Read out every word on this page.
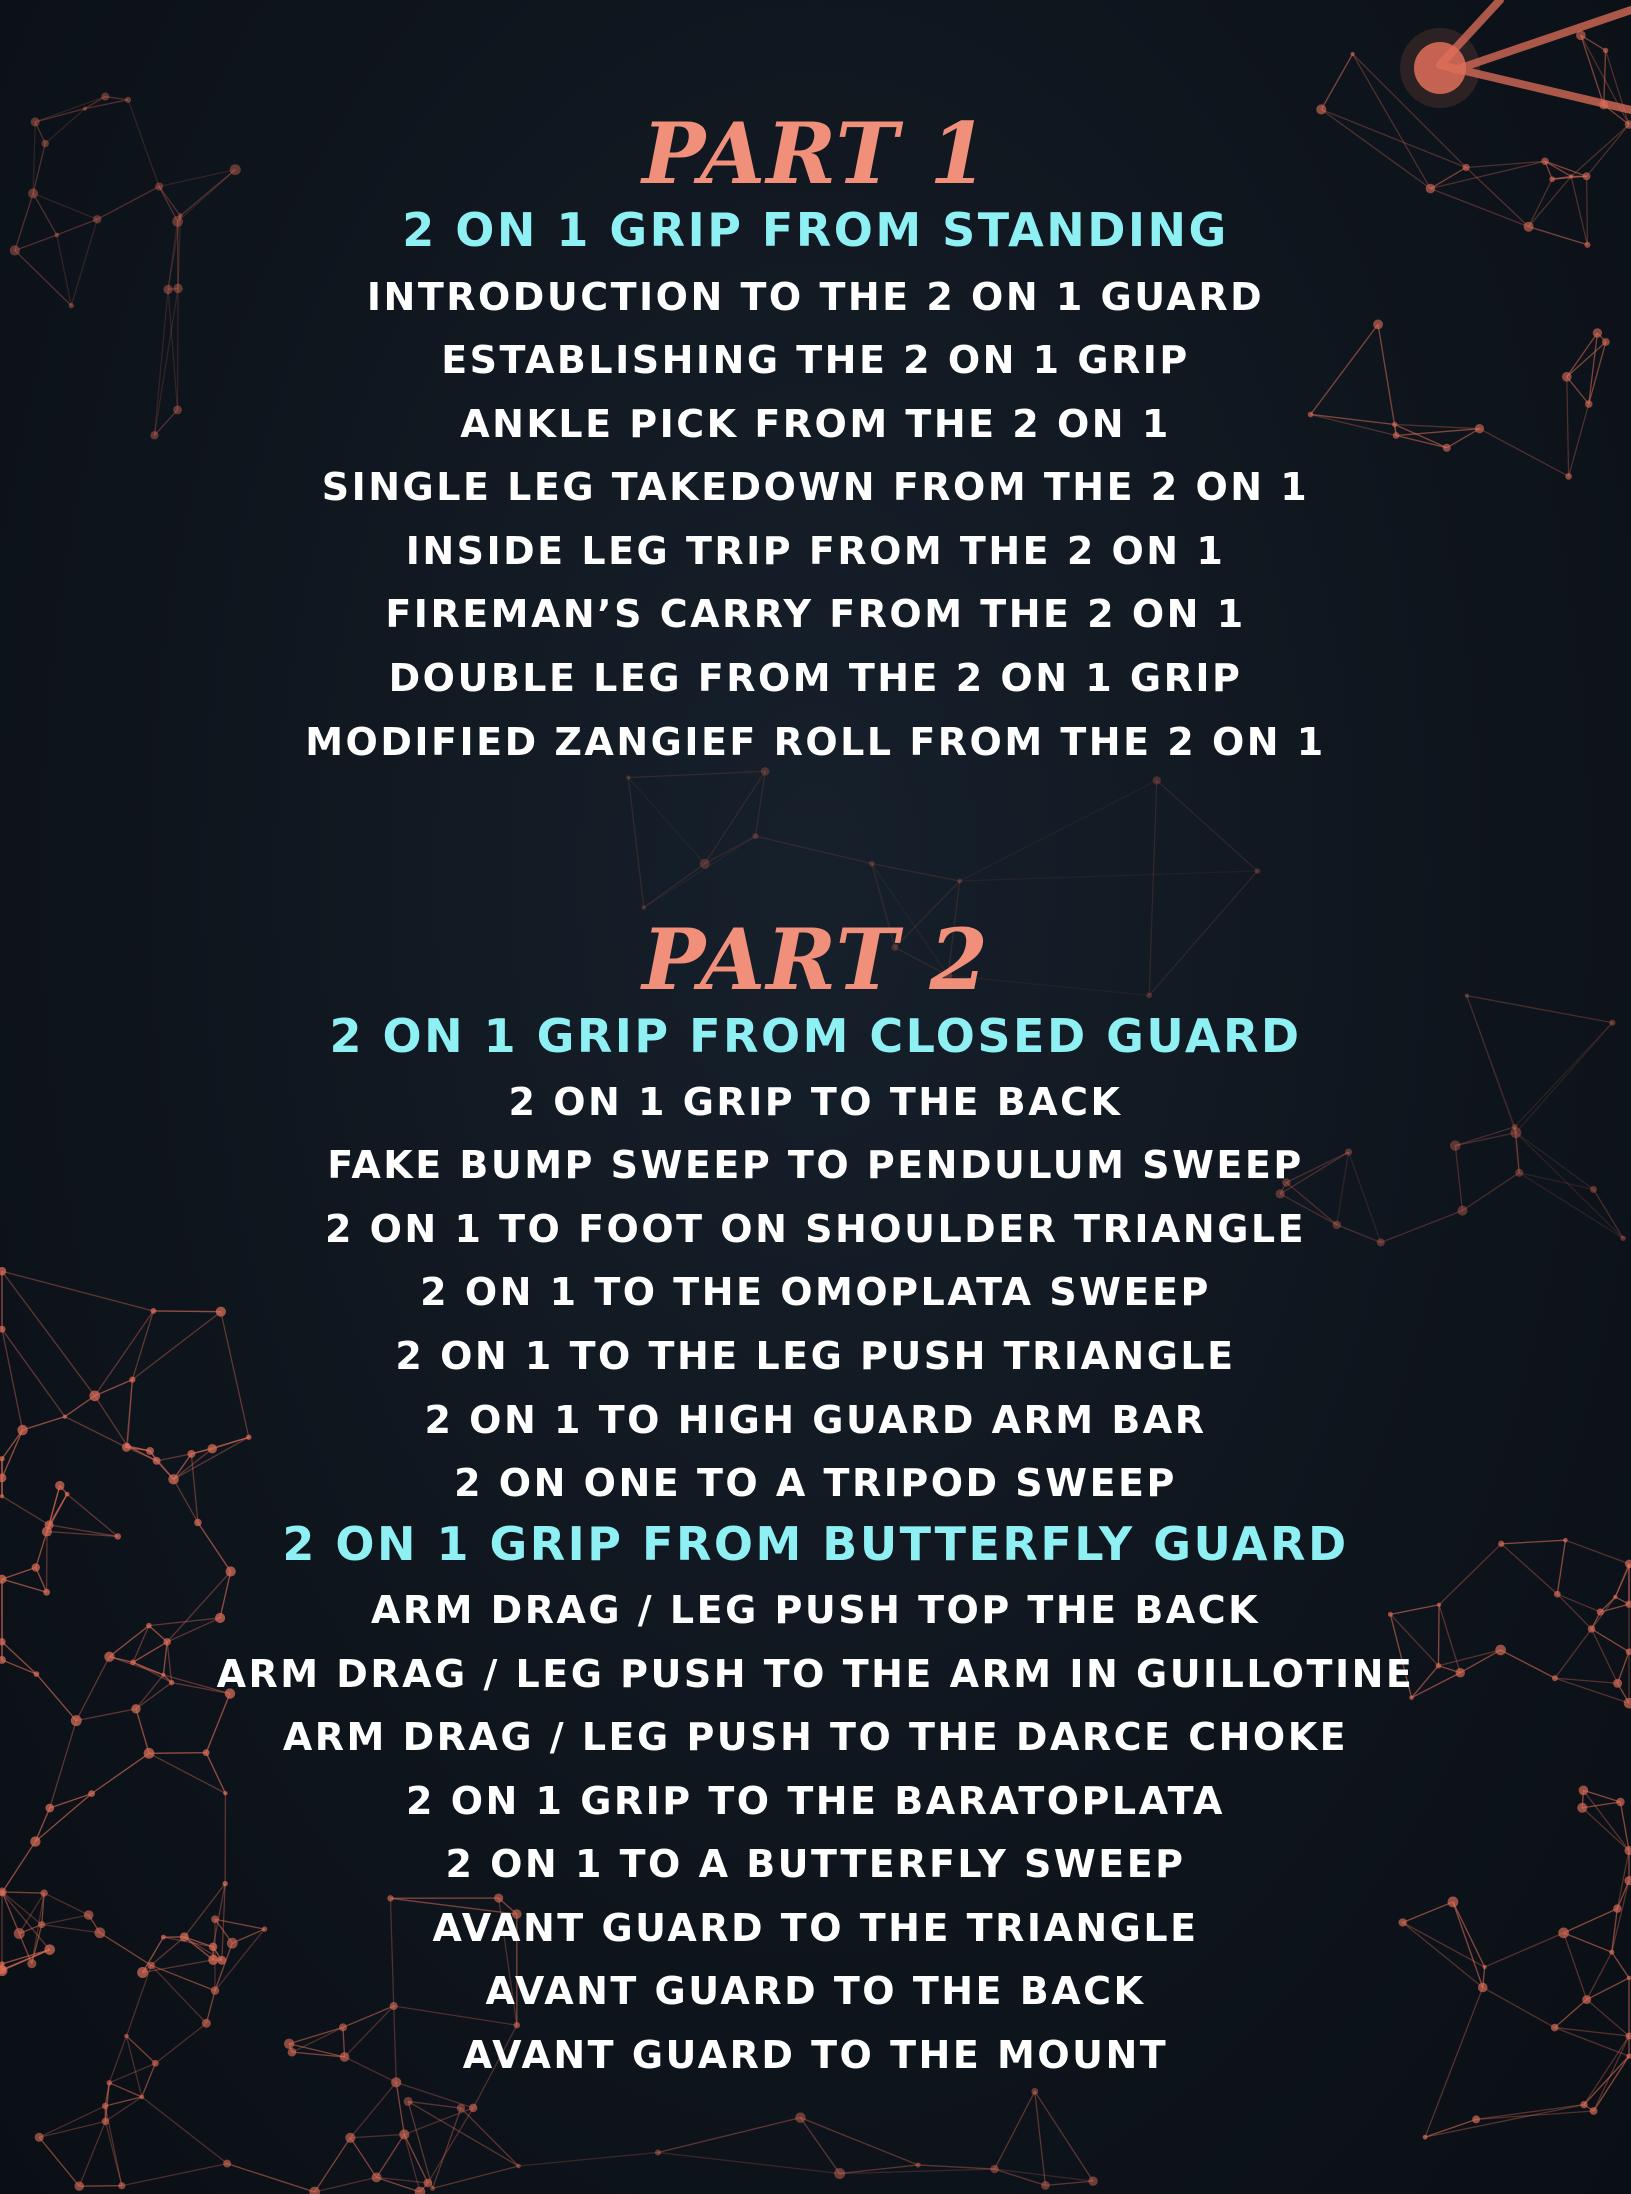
PART 1
2 ON 1 GRIP FROM STANDING
INTRODUCTION TO THE 2 ON 1 GUARD
ESTABLISHING THE 2 ON 1 GRIP
ANKLE PICK FROM THE 2 ON 1
SINGLE LEG TAKEDOWN FROM THE 2 ON 1
INSIDE LEG TRIP FROM THE 2 ON 1
FIREMAN’S CARRY FROM THE 2 ON 1
DOUBLE LEG FROM THE 2 ON 1 GRIP
MODIFIED ZANGIEF ROLL FROM THE 2 ON 1
PART 2
2 ON 1 GRIP FROM CLOSED GUARD
2 ON 1 GRIP TO THE BACK
FAKE BUMP SWEEP TO PENDULUM SWEEP
2 ON 1 TO FOOT ON SHOULDER TRIANGLE
2 ON 1 TO THE OMOPLATA SWEEP
2 ON 1 TO THE LEG PUSH TRIANGLE
2 ON 1 TO HIGH GUARD ARM BAR
2 ON ONE TO A TRIPOD SWEEP
2 ON 1 GRIP FROM BUTTERFLY GUARD
ARM DRAG / LEG PUSH TOP THE BACK
ARM DRAG / LEG PUSH TO THE ARM IN GUILLOTINE
ARM DRAG / LEG PUSH TO THE DARCE CHOKE
2 ON 1 GRIP TO THE BARATOPLATA
2 ON 1 TO A BUTTERFLY SWEEP
AVANT GUARD TO THE TRIANGLE
AVANT GUARD TO THE BACK
AVANT GUARD TO THE MOUNT
